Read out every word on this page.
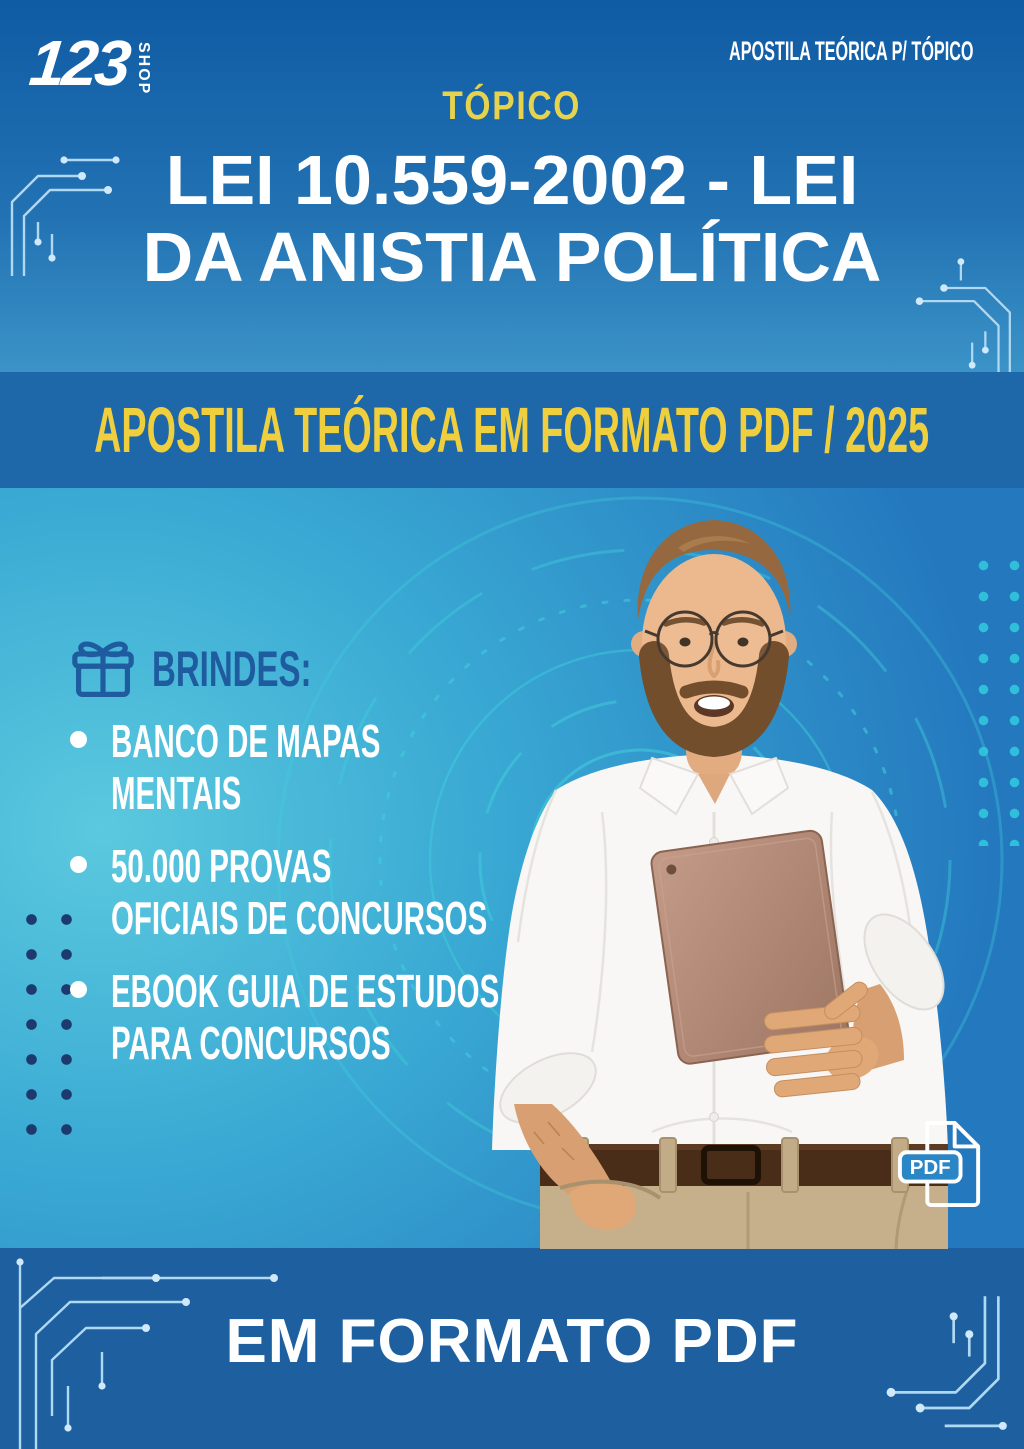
123 SHOP	APOSTILA TEÓRICA P/ TÓPICO
TÓPICO
LEI 10.559-2002 - LEI
DA ANISTIA POLÍTICA
APOSTILA TEÓRICA EM FORMATO PDF / 2025
BRINDES:
BANCO DE MAPAS
MENTAIS
50.000 PROVAS
OFICIAIS DE CONCURSOS
EBOOK GUIA DE ESTUDOS
PARA CONCURSOS
PDF
EM FORMATO PDF
